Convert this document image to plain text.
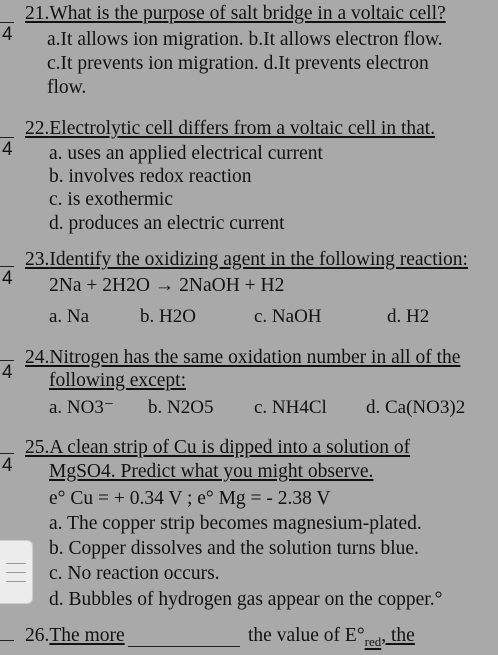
4
21.What is the purpose of salt bridge in a voltaic cell?
a.It allows ion migration. b.It allows electron flow.
c.It prevents ion migration. d.It prevents electron
flow.
4
22.Electrolytic cell differs from a voltaic cell in that.
a. uses an applied electrical current
b. involves redox reaction
c. is exothermic
d. produces an electric current
4
23.Identify the oxidizing agent in the following reaction:
2Na + 2H2O → 2NaOH + H2
a. Na	b. H2O	c. NaOH	d. H2
4
24.Nitrogen has the same oxidation number in all of the
following except:
a. NO3⁻ b. N2O5 c. NH4Cl d. Ca(NO3)2
4
25.A clean strip of Cu is dipped into a solution of
MgSO4. Predict what you might observe.
e° Cu = + 0.34 V ; e° Mg = - 2.38 V
a. The copper strip becomes magnesium-plated.
b. Copper dissolves and the solution turns blue.
c. No reaction occurs.
d. Bubbles of hydrogen gas appear on the copper.°
26.The more	the value of $E^\circ_{red}$, the
